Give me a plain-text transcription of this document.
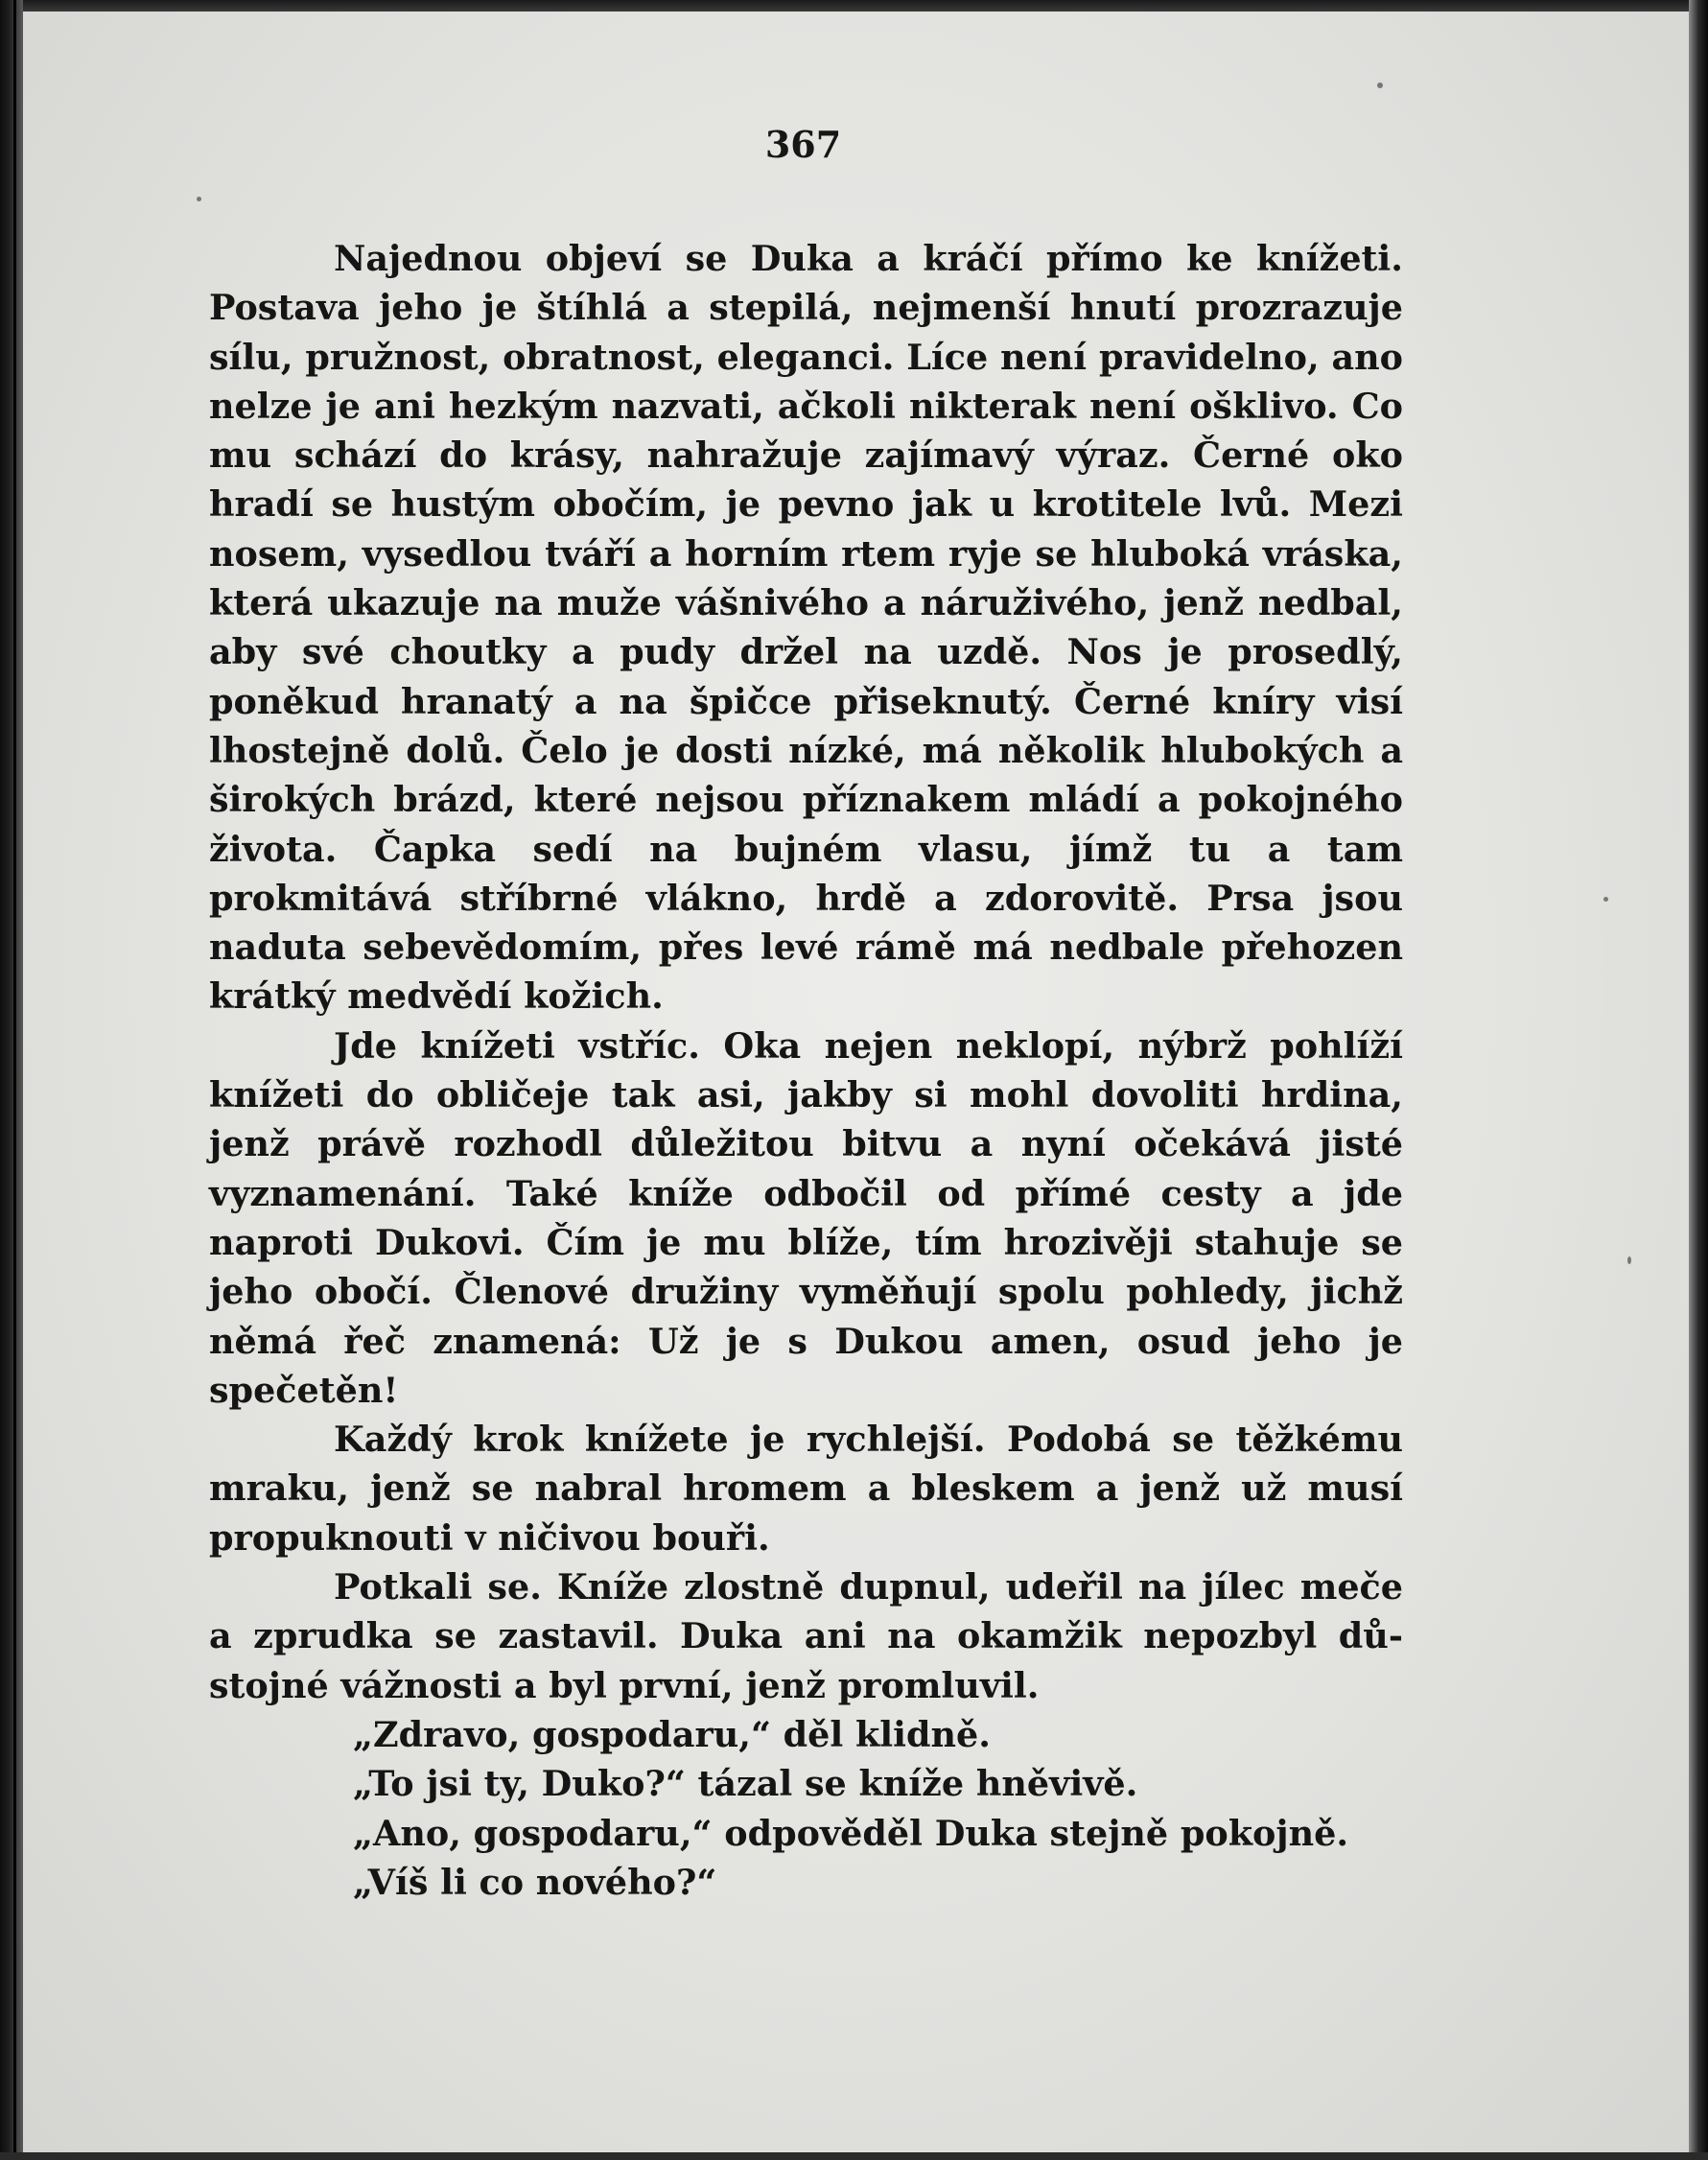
367

Najednou objeví se Duka a kráčí přímo ke knížeti. Postava jeho je štíhlá a stepilá, nejmenší hnutí prozrazuje sílu, pružnost, obratnost, eleganci. Líce není pravidelno, ano nelze je ani hezkým nazvati, ačkoli nikterak není ošklivo. Co mu schází do krásy, nahražuje zajímavý výraz. Černé oko hradí se hustým obočím, je pevno jak u krotitele lvů. Mezi nosem, vysedlou tváří a horním rtem ryje se hluboká vráska, která ukazuje na muže vášnivého a náruživého, jenž nedbal, aby své choutky a pudy držel na uzdě. Nos je prosedlý, poněkud hranatý a na špičce přiseknutý. Černé kníry visí lhostejně dolů. Čelo je dosti nízké, má několik hlubokých a širokých brázd, které nejsou příznakem mládí a pokojného života. Čapka sedí na bujném vlasu, jímž tu a tam prokmitává stříbrné vlákno, hrdě a zdorovitě. Prsa jsou naduta sebevědomím, přes levé rámě má nedbale přehozen krátký medvědí kožich.

Jde knížeti vstříc. Oka nejen neklopí, nýbrž pohlíží knížeti do obličeje tak asi, jakby si mohl dovoliti hrdina, jenž právě rozhodl důležitou bitvu a nyní očekává jisté vyznamenání. Také kníže odbočil od přímé cesty a jde naproti Dukovi. Čím je mu blíže, tím hrozivěji stahuje se jeho obočí. Členové družiny vyměňují spolu pohledy, jichž němá řeč znamená: Už je s Dukou amen, osud jeho je spečetěn!

Každý krok knížete je rychlejší. Podobá se těžkému mraku, jenž se nabral hromem a bleskem a jenž už musí propuknouti v ničivou bouři.

Potkali se. Kníže zlostně dupnul, udeřil na jílec meče a zprudka se zastavil. Duka ani na okamžik nepozbyl důstojné vážnosti a byl první, jenž promluvil.

„Zdravo, gospodaru,“ děl klidně.

„To jsi ty, Duko?“ tázal se kníže hněvivě.

„Ano, gospodaru,“ odpověděl Duka stejně pokojně.

„Víš li co nového?“
